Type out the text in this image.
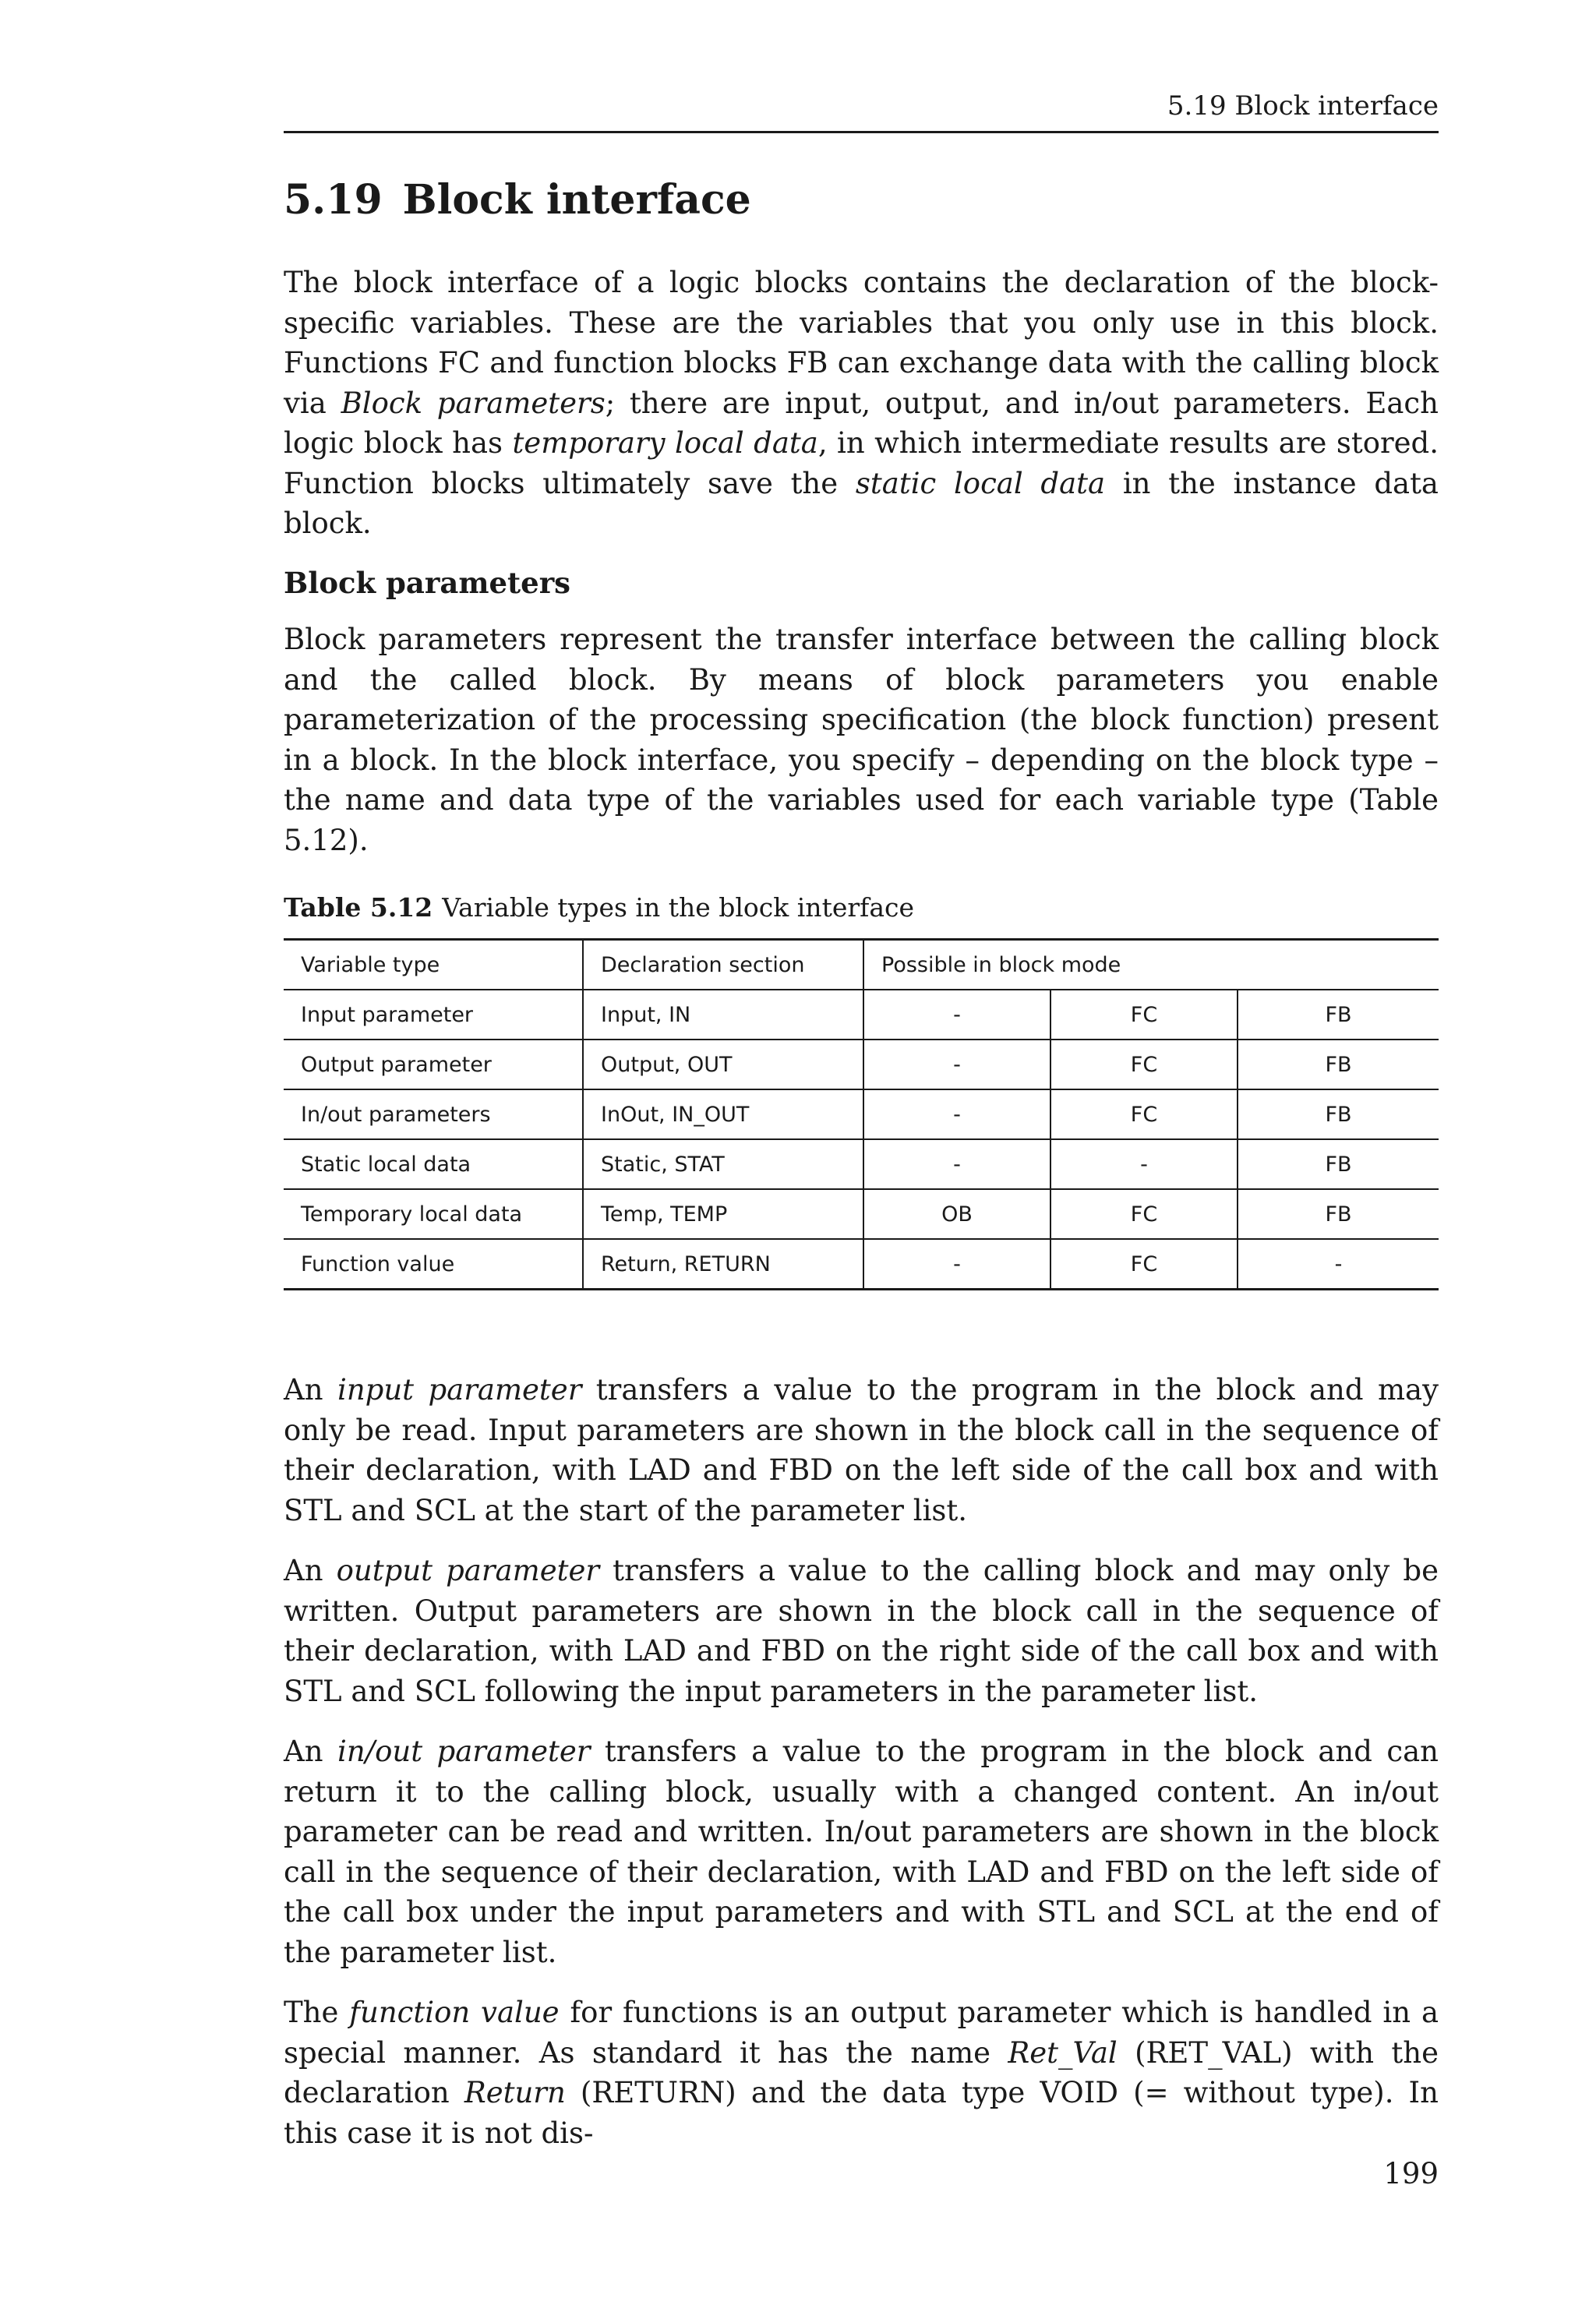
5.19 Block interface
5.19 Block interface

The block interface of a logic blocks contains the declaration of the block-specific variables. These are the variables that you only use in this block. Functions FC and function blocks FB can exchange data with the calling block via Block parameters; there are input, output, and in/out parameters. Each logic block has temporary local data, in which intermediate results are stored. Function blocks ultimately save the static local data in the instance data block.

Block parameters

Block parameters represent the transfer interface between the calling block and the called block. By means of block parameters you enable parameterization of the processing specification (the block function) present in a block. In the block interface, you specify – depending on the block type – the name and data type of the variables used for each variable type (Table 5.12).

Table 5.12 Variable types in the block interface
Variable type	Declaration section	Possible in block mode		
Input parameter	Input, IN	-	FC	FB
Output parameter	Output, OUT	-	FC	FB
In/out parameters	InOut, IN_OUT	-	FC	FB
Static local data	Static, STAT	-	-	FB
Temporary local data	Temp, TEMP	OB	FC	FB
Function value	Return, RETURN	-	FC	-

An input parameter transfers a value to the program in the block and may only be read. Input parameters are shown in the block call in the sequence of their declaration, with LAD and FBD on the left side of the call box and with STL and SCL at the start of the parameter list.

An output parameter transfers a value to the calling block and may only be written. Output parameters are shown in the block call in the sequence of their declaration, with LAD and FBD on the right side of the call box and with STL and SCL following the input parameters in the parameter list.

An in/out parameter transfers a value to the program in the block and can return it to the calling block, usually with a changed content. An in/out parameter can be read and written. In/out parameters are shown in the block call in the sequence of their declaration, with LAD and FBD on the left side of the call box under the input parameters and with STL and SCL at the end of the parameter list.

The function value for functions is an output parameter which is handled in a special manner. As standard it has the name Ret_Val (RET_VAL) with the declaration Return (RETURN) and the data type VOID (= without type). In this case it is not dis-

199
